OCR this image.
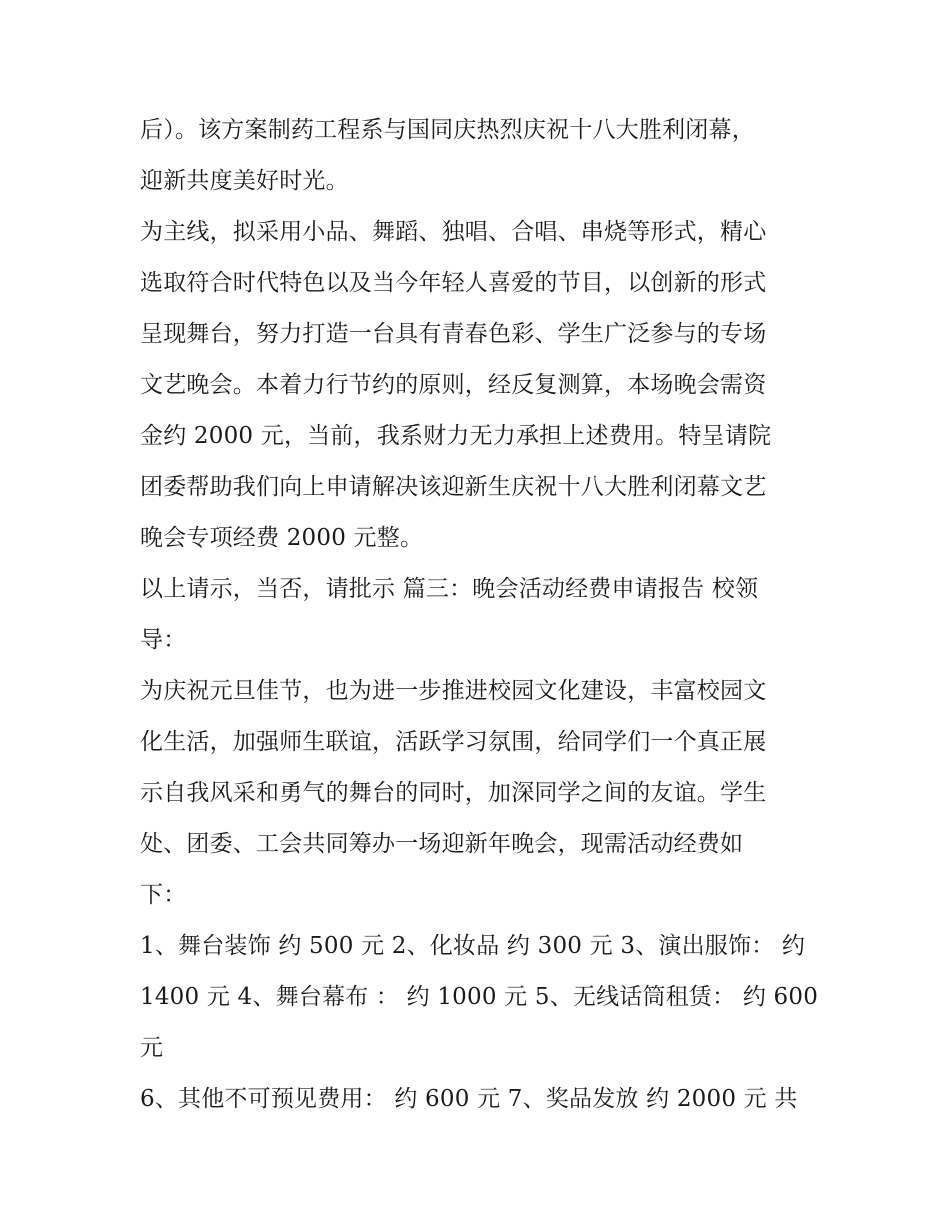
后）。该方案制药工程系与国同庆热烈庆祝十八大胜利闭幕，
迎新共度美好时光。
为主线，拟采用小品、舞蹈、独唱、合唱、串烧等形式，精心
选取符合时代特色以及当今年轻人喜爱的节目，以创新的形式
呈现舞台，努力打造一台具有青春色彩、学生广泛参与的专场
文艺晚会。本着力行节约的原则，经反复测算，本场晚会需资
金约 2000 元，当前，我系财力无力承担上述费用。特呈请院
团委帮助我们向上申请解决该迎新生庆祝十八大胜利闭幕文艺
晚会专项经费 2000 元整。
以上请示，当否，请批示 篇三：晚会活动经费申请报告 校领
导：
为庆祝元旦佳节，也为进一步推进校园文化建设，丰富校园文
化生活，加强师生联谊，活跃学习氛围，给同学们一个真正展
示自我风采和勇气的舞台的同时，加深同学之间的友谊。学生
处、团委、工会共同筹办一场迎新年晚会，现需活动经费如
下：
1、舞台装饰 约 500 元 2、化妆品 约 300 元 3、演出服饰： 约
1400 元 4、舞台幕布 ： 约 1000 元 5、无线话筒租赁： 约 600
元
6、其他不可预见费用： 约 600 元 7、奖品发放 约 2000 元 共
